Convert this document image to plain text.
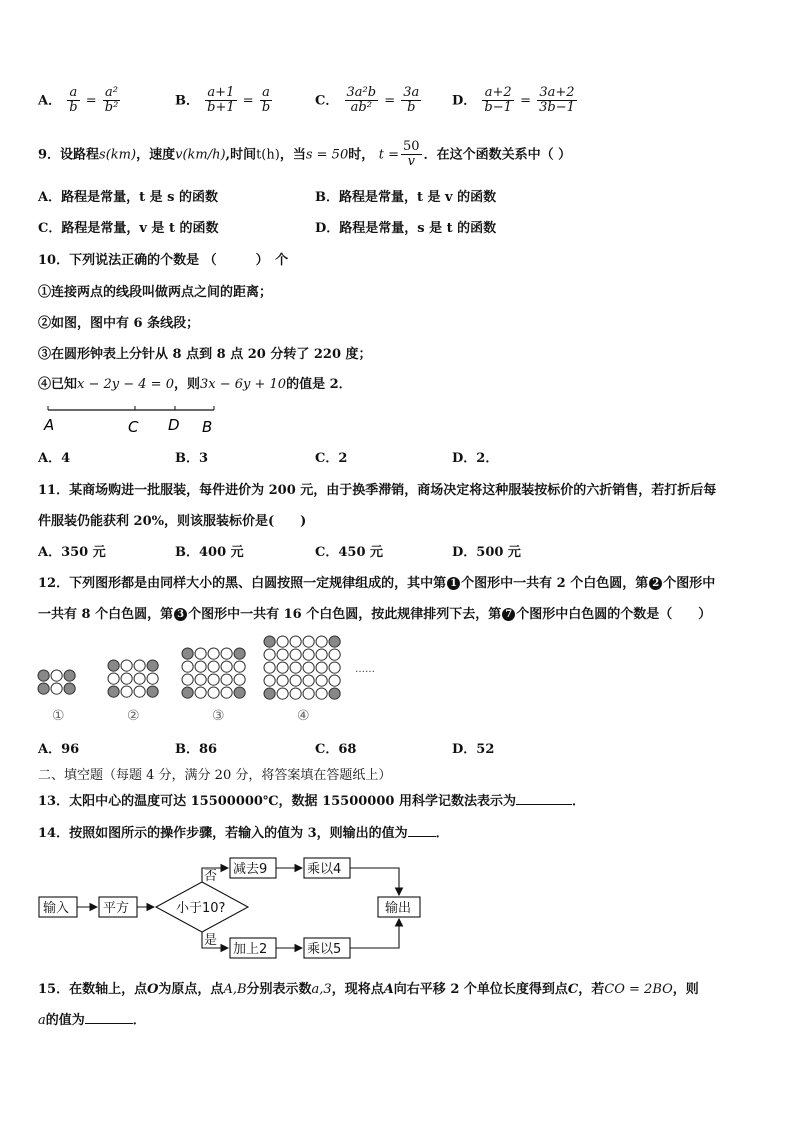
A． $\frac{a}{b} = \frac{\text{a²}}{\text{b²}}$	B． $\frac{a+1}{b+1} = \frac{a}{b}$	C． $\frac{\text{3a²b}}{\text{ab²}} = \frac{3a}{b}$ D． $\frac{a+2}{b-1} = \frac{3a+2}{3b-1}$
9．设路程s(km)，速度v(km/h),时间t(h)，当s = 50时， $t = \frac{50}{v}$ ．在这个函数关系中（ ）
A．路程是常量，t 是 s 的函数	B．路程是常量，t 是 v 的函数
C．路程是常量，v 是 t 的函数	D．路程是常量，s 是 t 的函数
10．下列说法正确的个数是 （　　　）　个
①连接两点的线段叫做两点之间的距离；
②如图，图中有 6 条线段；
③在圆形钟表上分针从 8 点到 8 点 20 分转了 220 度；
④已知x − 2y − 4 = 0，则3x − 6y + 10的值是 2．
A	C D B
A．4	B．3	C．2	D．2．
11．某商场购进一批服装，每件进价为 200 元，由于换季滞销，商场决定将这种服装按标价的六折销售，若打折后每
件服装仍能获利 20%，则该服装标价是(　　)
A．350 元	B．400 元	C．450 元	D．500 元
12．下列图形都是由同样大小的黑、白圆按照一定规律组成的，其中第 1 个图形中一共有 2 个白色圆，第 2 个图形中
一共有 8 个白色圆，第 3 个图形中一共有 16 个白色圆，按此规律排列下去，第 7 个图形中白色圆的个数是（　　）
①	②	③	④
……
A．96	B．86	C．68	D．52
二、填空题（每题 4 分，满分 20 分，将答案填在答题纸上）
13．太阳中心的温度可达 15500000℃，数据 15500000 用科学记数法表示为	．
14．按照如图所示的操作步骤，若输入的值为 3，则输出的值为 ．
输入	平方	小于10?
否
是
减去9	乘以4
加上2	乘以5
输出
15．在数轴上，点O为原点，点A,B分别表示数a,3，现将点A向右平移 2 个单位长度得到点C，若CO = 2BO，则
a的值为	．
